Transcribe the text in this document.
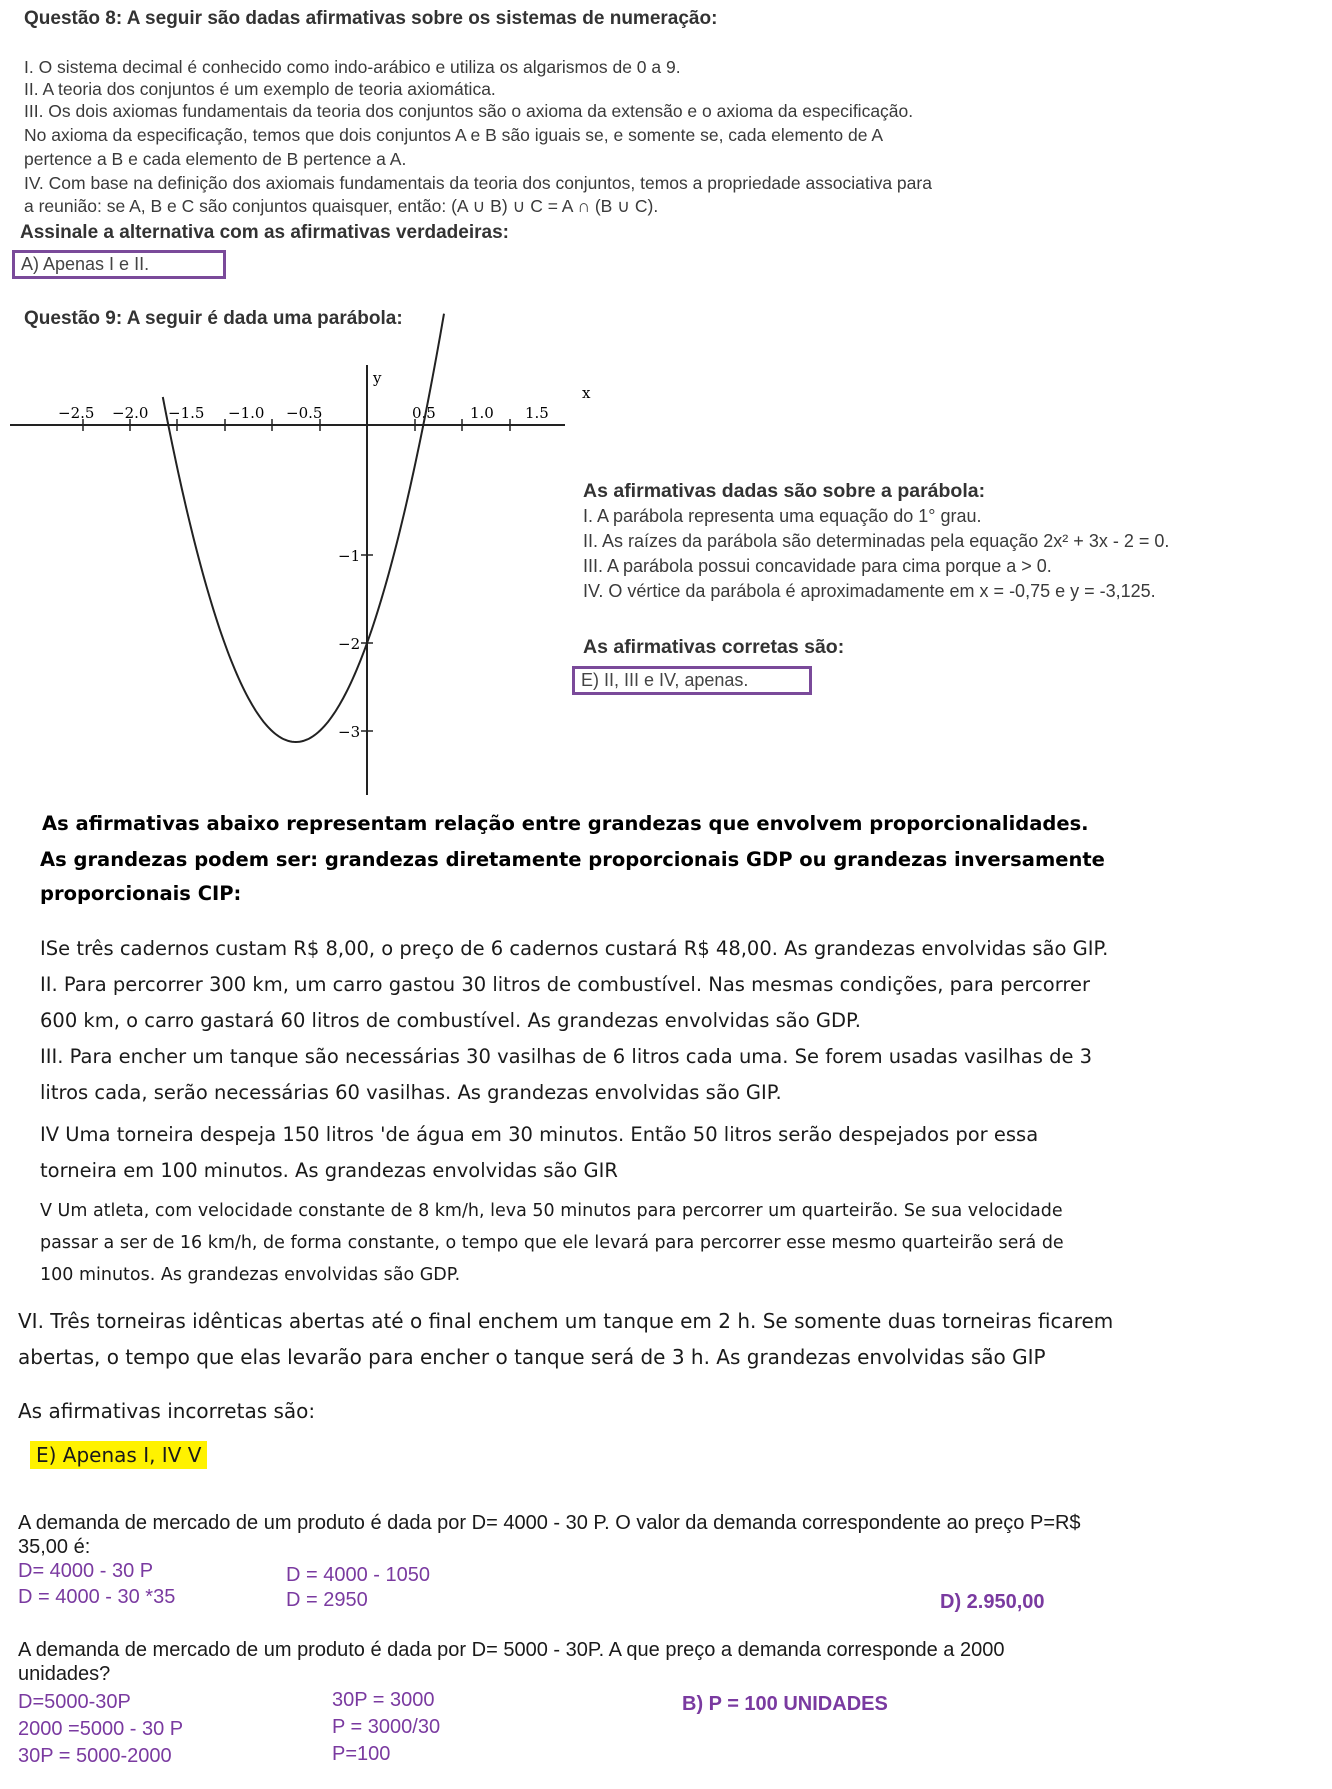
Questão 8: A seguir são dadas afirmativas sobre os sistemas de numeração:
I. O sistema decimal é conhecido como indo-arábico e utiliza os algarismos de 0 a 9.
II. A teoria dos conjuntos é um exemplo de teoria axiomática.
III. Os dois axiomas fundamentais da teoria dos conjuntos são o axioma da extensão e o axioma da especificação.
No axioma da especificação, temos que dois conjuntos A e B são iguais se, e somente se, cada elemento de A
pertence a B e cada elemento de B pertence a A.
IV. Com base na definição dos axiomais fundamentais da teoria dos conjuntos, temos a propriedade associativa para
a reunião: se A, B e C são conjuntos quaisquer, então: (A ∪ B) ∪ C = A ∩ (B ∪ C).
Assinale a alternativa com as afirmativas verdadeiras:
A) Apenas I e II.
Questão 9: A seguir é dada uma parábola:
−2.5 −2.0 −1.5 −1.0 −0.5	0.5 1.0 1.5
x
y
−1
−2
−3
As afirmativas dadas são sobre a parábola:
I. A parábola representa uma equação do 1° grau.
II. As raízes da parábola são determinadas pela equação 2x² + 3x - 2 = 0.
III. A parábola possui concavidade para cima porque a > 0.
IV. O vértice da parábola é aproximadamente em x = -0,75 e y = -3,125.
As afirmativas corretas são:
E) II, III e IV, apenas.
As afirmativas abaixo representam relação entre grandezas que envolvem proporcionalidades.
As grandezas podem ser: grandezas diretamente proporcionais GDP ou grandezas inversamente
proporcionais CIP:
ISe três cadernos custam R$ 8,00, o preço de 6 cadernos custará R$ 48,00. As grandezas envolvidas são GIP.
II. Para percorrer 300 km, um carro gastou 30 litros de combustível. Nas mesmas condições, para percorrer
600 km, o carro gastará 60 litros de combustível. As grandezas envolvidas são GDP.
III. Para encher um tanque são necessárias 30 vasilhas de 6 litros cada uma. Se forem usadas vasilhas de 3
litros cada, serão necessárias 60 vasilhas. As grandezas envolvidas são GIP.
IV Uma torneira despeja 150 litros 'de água em 30 minutos. Então 50 litros serão despejados por essa
torneira em 100 minutos. As grandezas envolvidas são GIR
V Um atleta, com velocidade constante de 8 km/h, leva 50 minutos para percorrer um quarteirão. Se sua velocidade
passar a ser de 16 km/h, de forma constante, o tempo que ele levará para percorrer esse mesmo quarteirão será de
100 minutos. As grandezas envolvidas são GDP.
VI. Três torneiras idênticas abertas até o final enchem um tanque em 2 h. Se somente duas torneiras ficarem
abertas, o tempo que elas levarão para encher o tanque será de 3 h. As grandezas envolvidas são GIP
As afirmativas incorretas são:
E) Apenas I, IV V
A demanda de mercado de um produto é dada por D= 4000 - 30 P. O valor da demanda correspondente ao preço P=R$
35,00 é:
D= 4000 - 30 P
D = 4000 - 30 *35
D = 4000 - 1050
D = 2950	D) 2.950,00
A demanda de mercado de um produto é dada por D= 5000 - 30P. A que preço a demanda corresponde a 2000
unidades?
D=5000-30P
2000 =5000 - 30 P
30P = 5000-2000
30P = 3000
P = 3000/30
P=100
B) P = 100 UNIDADES
